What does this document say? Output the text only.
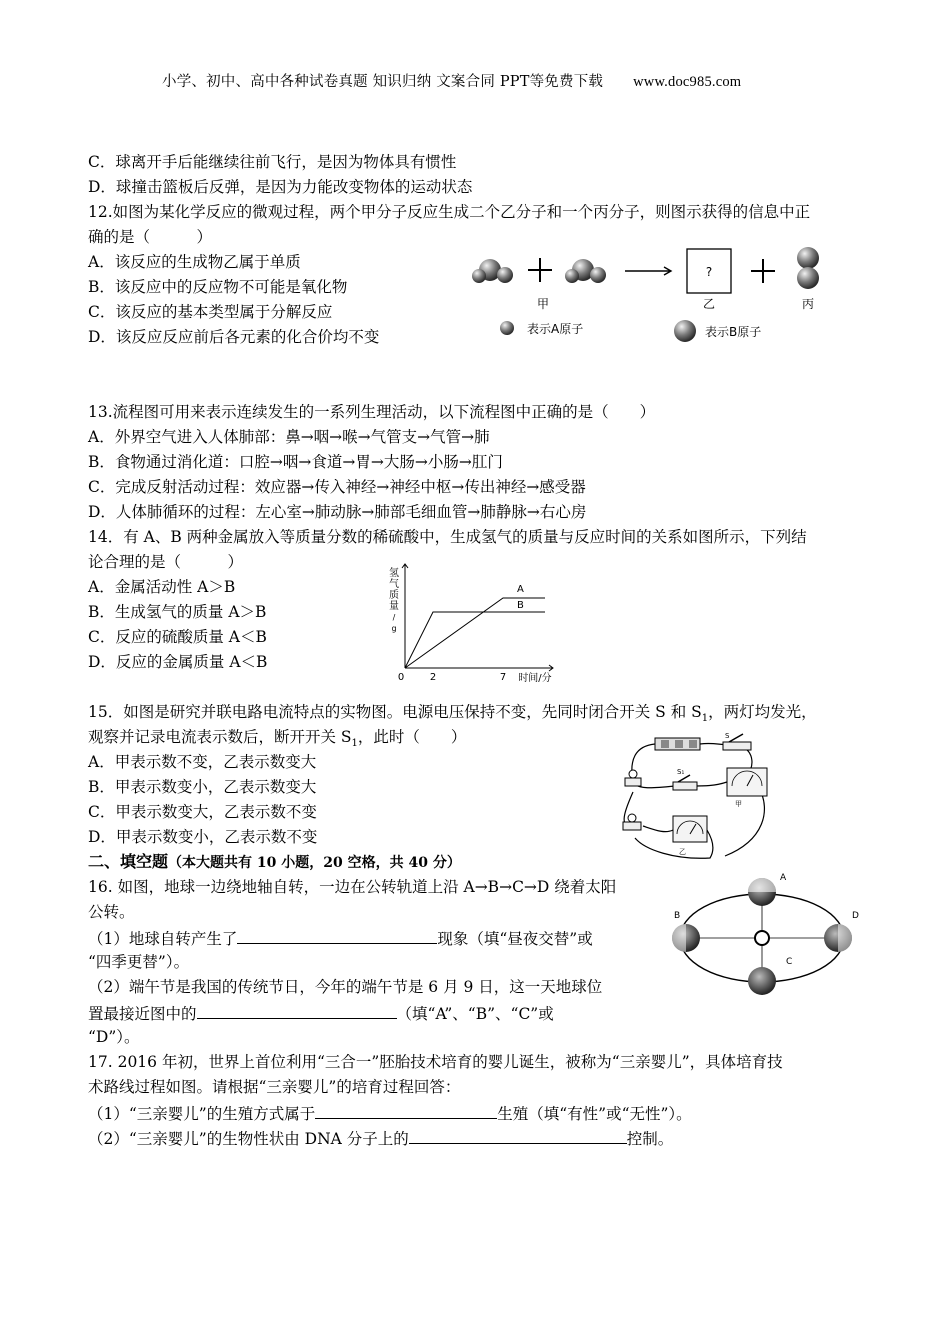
小学、初中、高中各种试卷真题 知识归纳 文案合同 PPT等免费下载 www.doc985.com
C．球离开手后能继续往前飞行，是因为物体具有惯性
D．球撞击篮板后反弹，是因为力能改变物体的运动状态
12.如图为某化学反应的微观过程，两个甲分子反应生成二个乙分子和一个丙分子，则图示获得的信息中正
确的是（　　　）
A．该反应的生成物乙属于单质
B．该反应中的反应物不可能是氧化物
C．该反应的基本类型属于分解反应
D．该反应反应前后各元素的化合价均不变
?
甲	乙	丙
表示A原子	表示B原子
13.流程图可用来表示连续发生的一系列生理活动，以下流程图中正确的是（　　）
A．外界空气进入人体肺部：鼻→咽→喉→气管支→气管→肺
B．食物通过消化道：口腔→咽→食道→胃→大肠→小肠→肛门
C．完成反射活动过程：效应器→传入神经→神经中枢→传出神经→感受器
D．人体肺循环的过程：左心室→肺动脉→肺部毛细血管→肺静脉→右心房
14．有 A、B 两种金属放入等质量分数的稀硫酸中，生成氢气的质量与反应时间的关系如图所示，下列结
论合理的是（　　　）
A．金属活动性 A＞B
B．生成氢气的质量 A＞B
C．反应的硫酸质量 A＜B
D．反应的金属质量 A＜B
氢
气
质
量
/
g
时间/分
0	2	7
A
B
15．如图是研究并联电路电流特点的实物图。电源电压保持不变，先同时闭合开关 S 和 $S_1$，两灯均发光，
观察并记录电流表示数后，断开开关 $S_1$，此时（　　）
A．甲表示数不变，乙表示数变大
B．甲表示数变小，乙表示数变大
C．甲表示数变大，乙表示数不变
D．甲表示数变小，乙表示数不变
S
S₁
甲
乙
二、填空题（本大题共有 10 小题，20 空格，共 40 分）
16. 如图，地球一边绕地轴自转，一边在公转轨道上沿 A→B→C→D 绕着太阳
公转。
（1）地球自转产生了	现象（填“昼夜交替”或
“四季更替”）。
（2）端午节是我国的传统节日，今年的端午节是 6 月 9 日，这一天地球位
置最接近图中的	（填“A”、“B”、“C”或
“D”）。
A
B
C
D
17. 2016 年初，世界上首位利用“三合一”胚胎技术培育的婴儿诞生，被称为“三亲婴儿”，具体培育技
术路线过程如图。请根据“三亲婴儿”的培育过程回答：
（1）“三亲婴儿”的生殖方式属于	生殖（填“有性”或“无性”）。
（2）“三亲婴儿”的生物性状由 DNA 分子上的	控制。
